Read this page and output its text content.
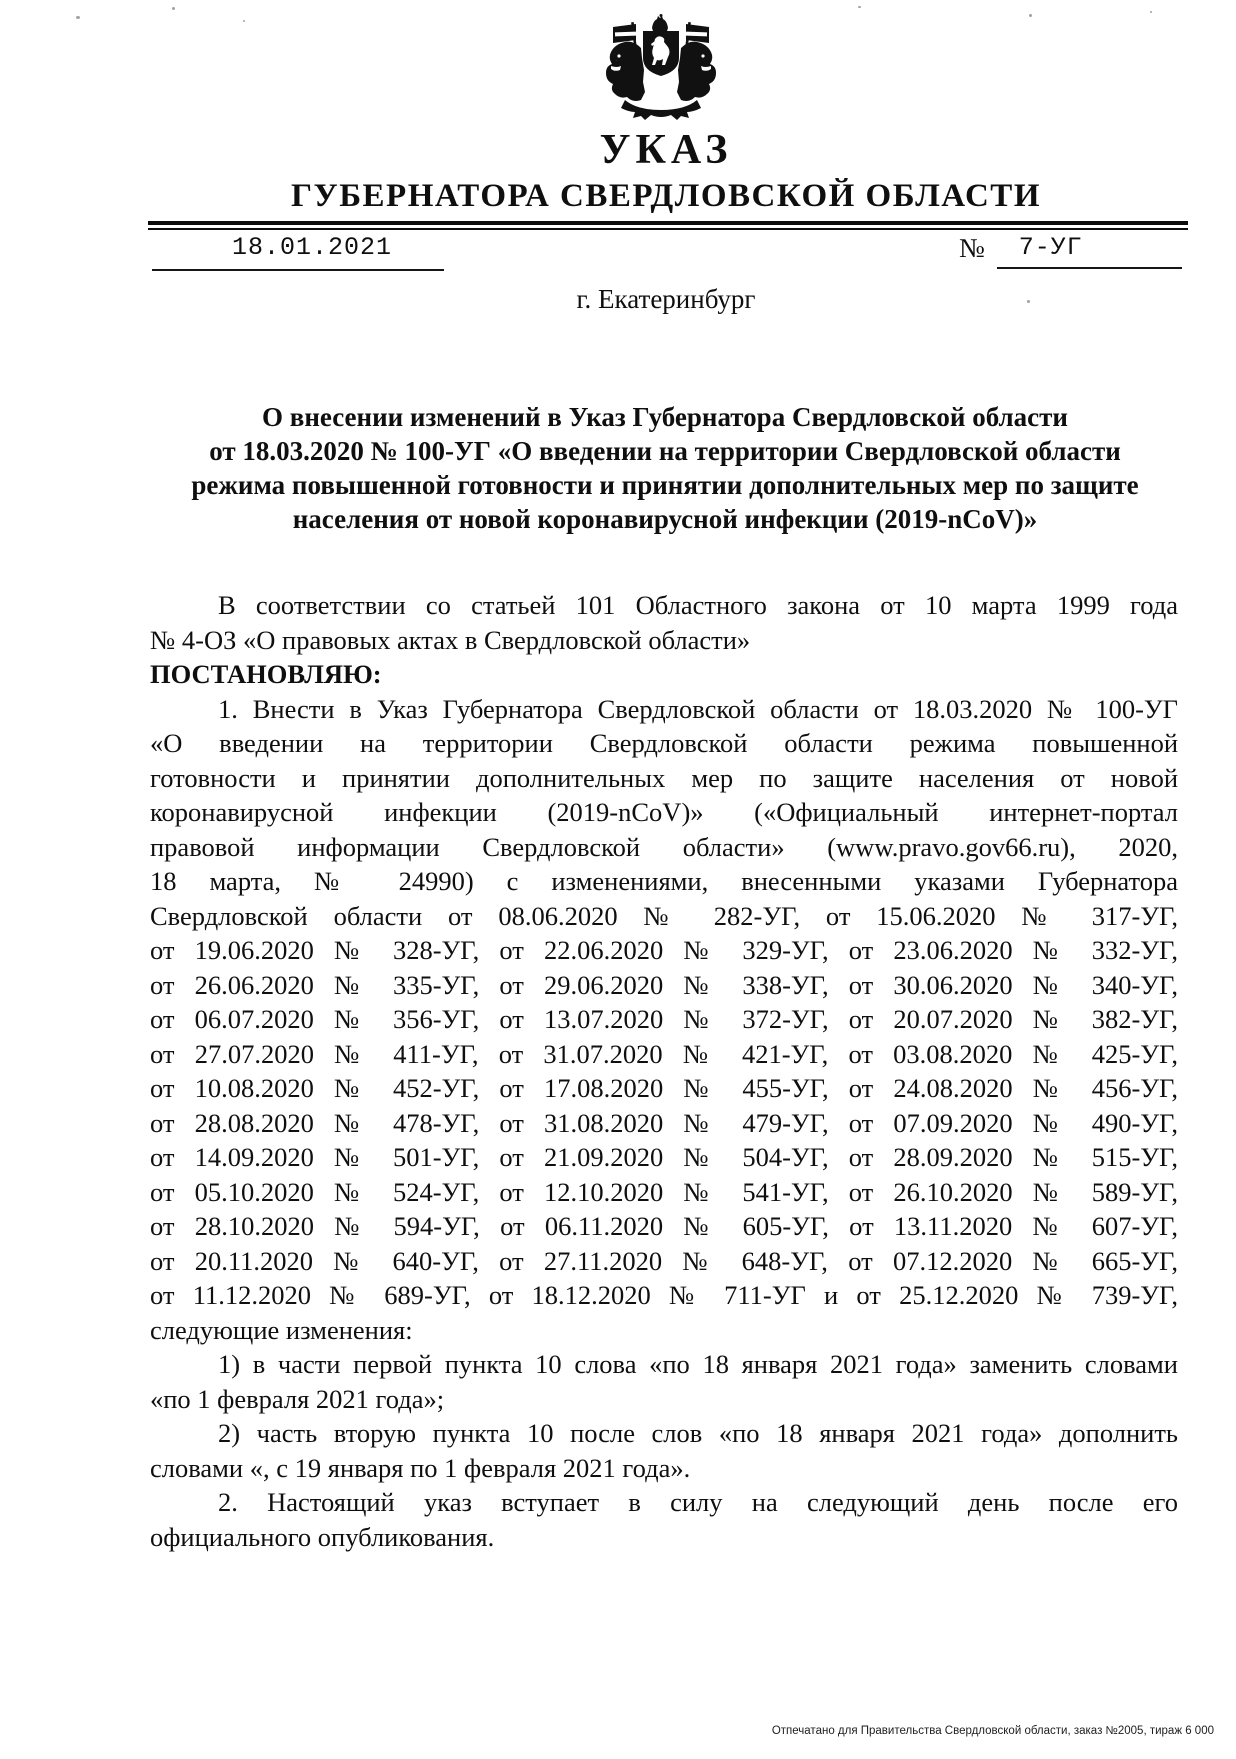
УКАЗ
ГУБЕРНАТОРА СВЕРДЛОВСКОЙ ОБЛАСТИ
18.01.2021	№ 7-УГ
г. Екатеринбург
О внесении изменений в Указ Губернатора Свердловской области
от 18.03.2020 № 100-УГ «О введении на территории Свердловской области
режима повышенной готовности и принятии дополнительных мер по защите
населения от новой коронавирусной инфекции (2019-nCoV)»
В соответствии со статьей 101 Областного закона от 10 марта 1999 года
№ 4-ОЗ «О правовых актах в Свердловской области»
ПОСТАНОВЛЯЮ:
1. Внести в Указ Губернатора Свердловской области от 18.03.2020 № 100-УГ
«О введении на территории Свердловской области режима повышенной
готовности и принятии дополнительных мер по защите населения от новой
коронавирусной инфекции (2019-nCoV)» («Официальный интернет-портал
правовой информации Свердловской области» (www.pravo.gov66.ru), 2020,
18 марта, № 24990) с изменениями, внесенными указами Губернатора
Свердловской области от 08.06.2020 № 282-УГ, от 15.06.2020 № 317-УГ,
от 19.06.2020 № 328-УГ, от 22.06.2020 № 329-УГ, от 23.06.2020 № 332-УГ,
от 26.06.2020 № 335-УГ, от 29.06.2020 № 338-УГ, от 30.06.2020 № 340-УГ,
от 06.07.2020 № 356-УГ, от 13.07.2020 № 372-УГ, от 20.07.2020 № 382-УГ,
от 27.07.2020 № 411-УГ, от 31.07.2020 № 421-УГ, от 03.08.2020 № 425-УГ,
от 10.08.2020 № 452-УГ, от 17.08.2020 № 455-УГ, от 24.08.2020 № 456-УГ,
от 28.08.2020 № 478-УГ, от 31.08.2020 № 479-УГ, от 07.09.2020 № 490-УГ,
от 14.09.2020 № 501-УГ, от 21.09.2020 № 504-УГ, от 28.09.2020 № 515-УГ,
от 05.10.2020 № 524-УГ, от 12.10.2020 № 541-УГ, от 26.10.2020 № 589-УГ,
от 28.10.2020 № 594-УГ, от 06.11.2020 № 605-УГ, от 13.11.2020 № 607-УГ,
от 20.11.2020 № 640-УГ, от 27.11.2020 № 648-УГ, от 07.12.2020 № 665-УГ,
от 11.12.2020 № 689-УГ, от 18.12.2020 № 711-УГ и от 25.12.2020 № 739-УГ,
следующие изменения:
1) в части первой пункта 10 слова «по 18 января 2021 года» заменить словами
«по 1 февраля 2021 года»;
2) часть вторую пункта 10 после слов «по 18 января 2021 года» дополнить
словами «, с 19 января по 1 февраля 2021 года».
2. Настоящий указ вступает в силу на следующий день после его
официального опубликования.
Отпечатано для Правительства Свердловской области, заказ №2005, тираж 6 000
